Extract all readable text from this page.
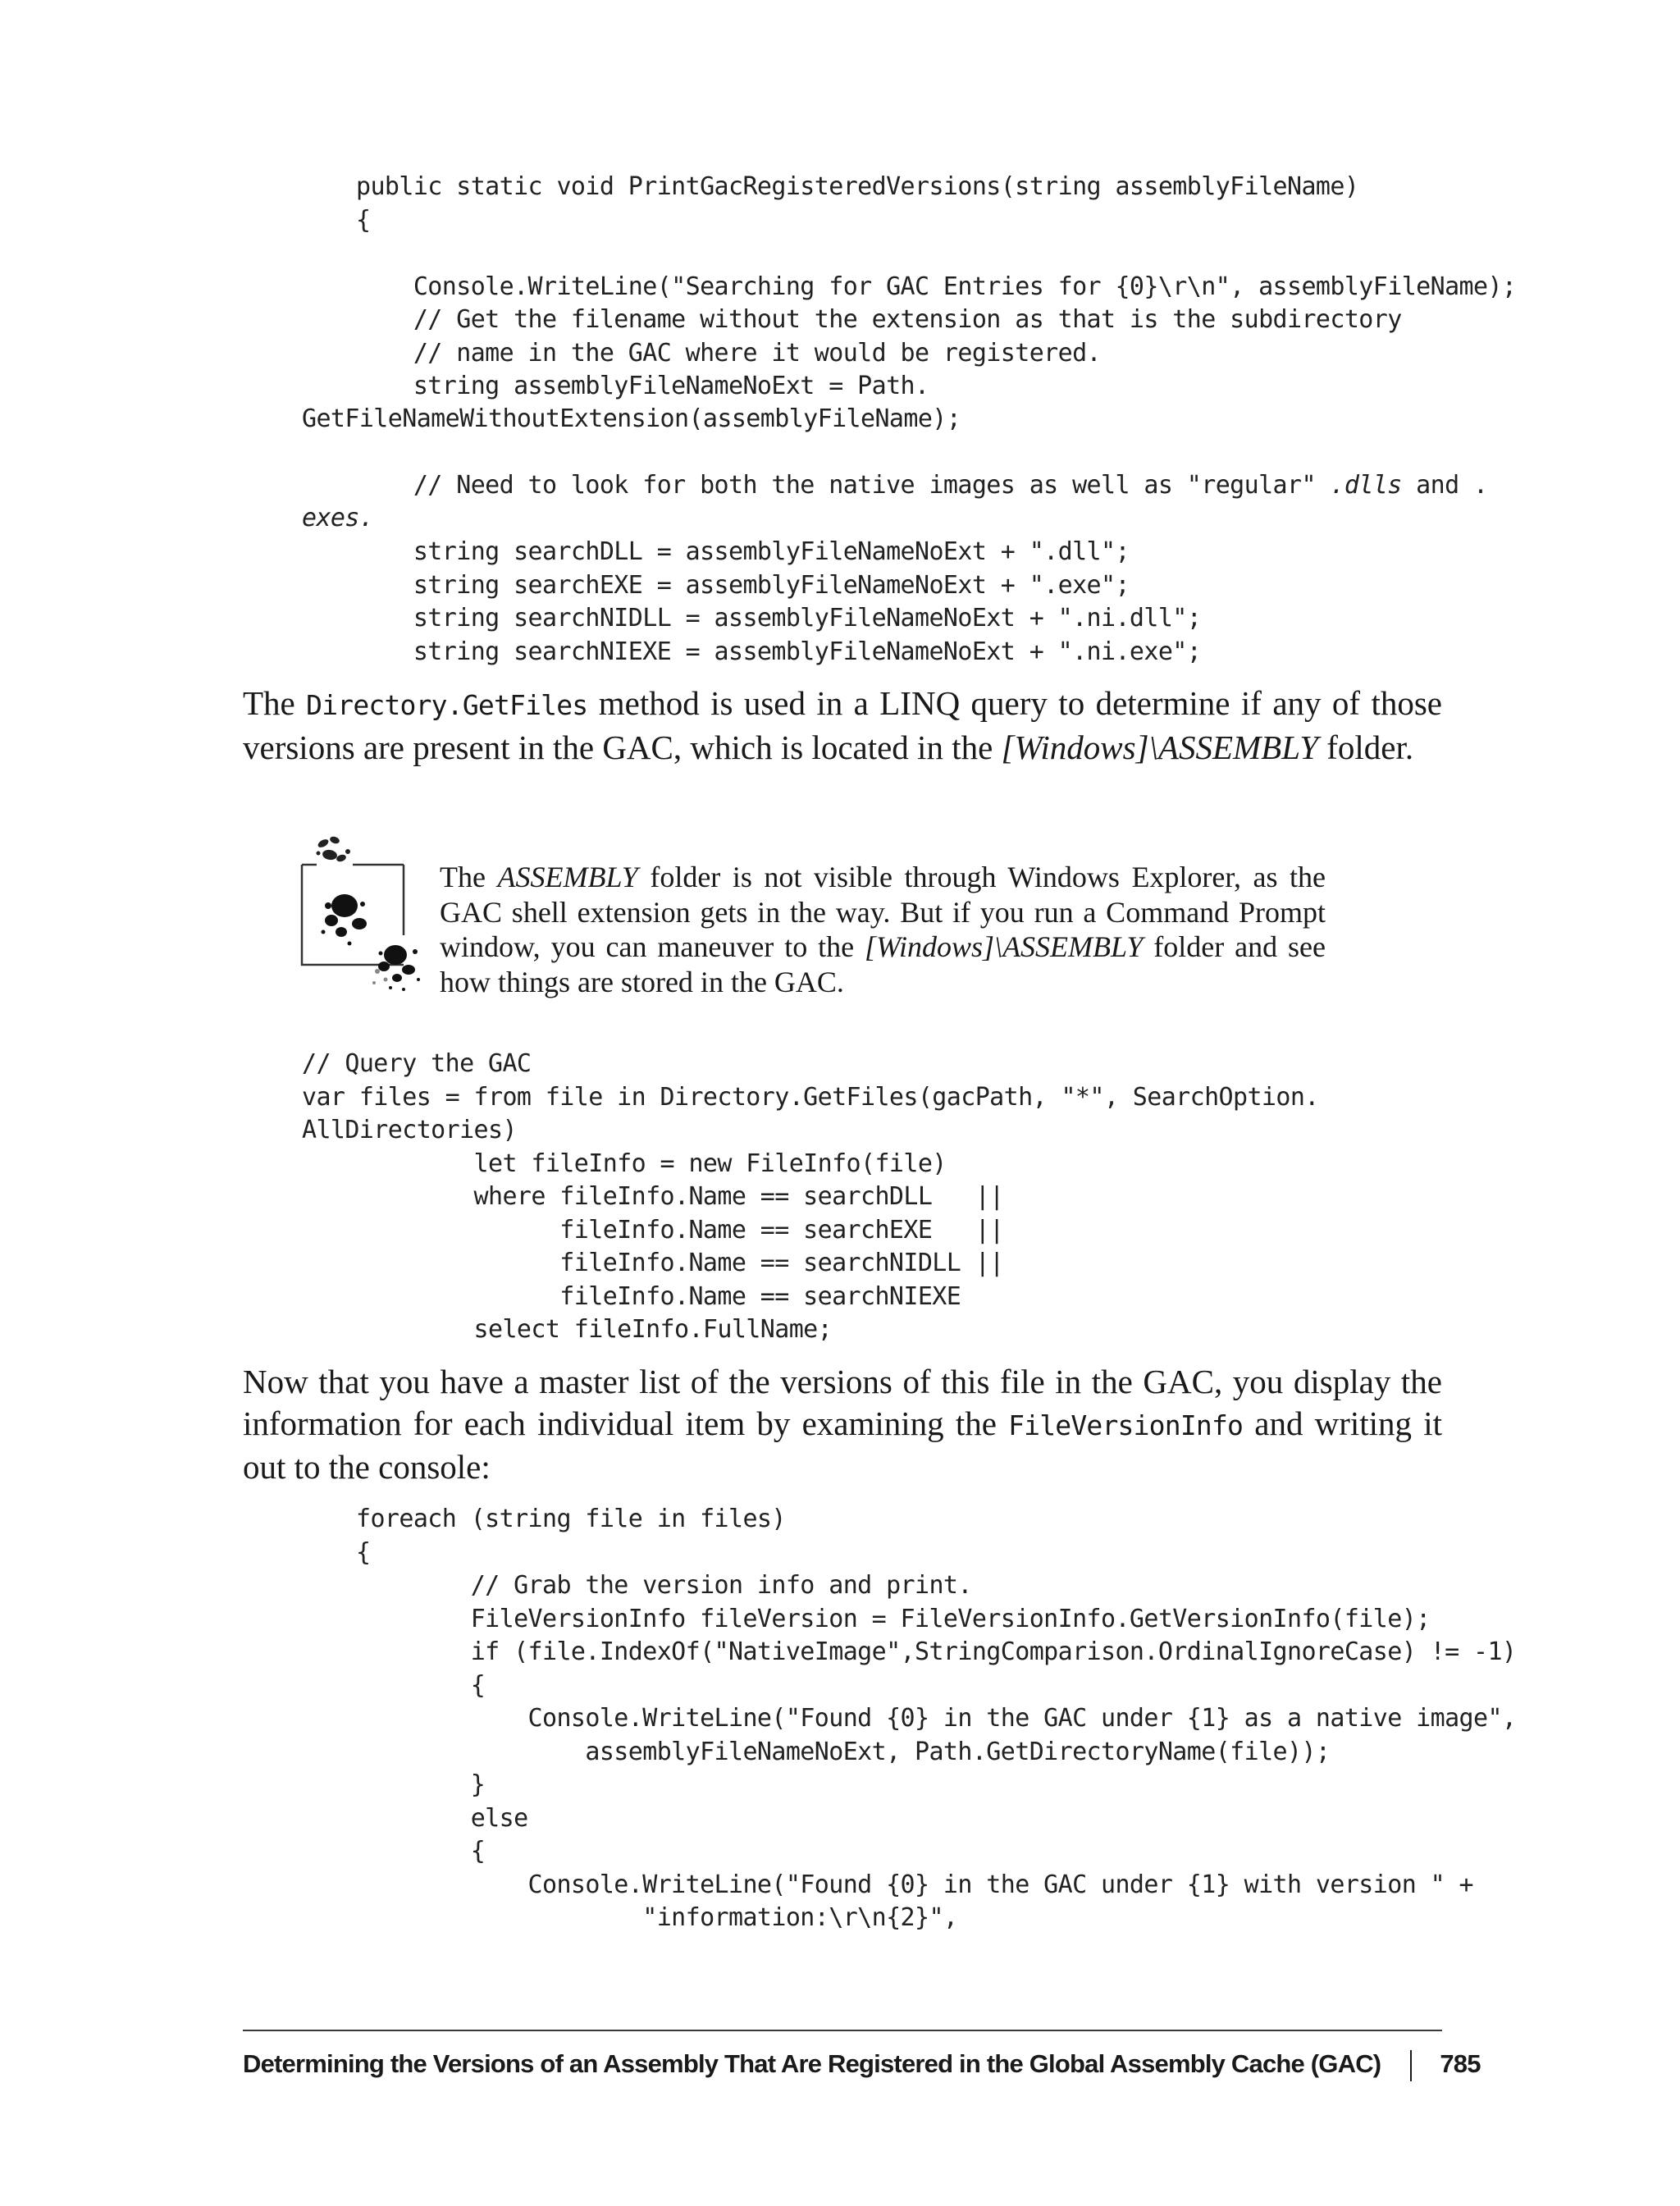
public static void PrintGacRegisteredVersions(string assemblyFileName)
{
Console.WriteLine("Searching for GAC Entries for {0}\r\n", assemblyFileName);
// Get the filename without the extension as that is the subdirectory
// name in the GAC where it would be registered.
string assemblyFileNameNoExt = Path.
GetFileNameWithoutExtension(assemblyFileName);
// Need to look for both the native images as well as "regular" .dlls and .
exes.
string searchDLL = assemblyFileNameNoExt + ".dll";
string searchEXE = assemblyFileNameNoExt + ".exe";
string searchNIDLL = assemblyFileNameNoExt + ".ni.dll";
string searchNIEXE = assemblyFileNameNoExt + ".ni.exe";

The Directory.GetFiles method is used in a LINQ query to determine if any of those versions are present in the GAC, which is located in the [Windows]\ASSEMBLY folder.

The ASSEMBLY folder is not visible through Windows Explorer, as the GAC shell extension gets in the way. But if you run a Command Prompt window, you can maneuver to the [Windows]\ASSEMBLY folder and see how things are stored in the GAC.

// Query the GAC
var files = from file in Directory.GetFiles(gacPath, "*", SearchOption.
AllDirectories)
let fileInfo = new FileInfo(file)
where fileInfo.Name == searchDLL   ||
fileInfo.Name == searchEXE   ||
fileInfo.Name == searchNIDLL ||
fileInfo.Name == searchNIEXE
select fileInfo.FullName;

Now that you have a master list of the versions of this file in the GAC, you display the information for each individual item by examining the FileVersionInfo and writing it out to the console:

foreach (string file in files)
{
// Grab the version info and print.
FileVersionInfo fileVersion = FileVersionInfo.GetVersionInfo(file);
if (file.IndexOf("NativeImage",StringComparison.OrdinalIgnoreCase) != -1)
{
Console.WriteLine("Found {0} in the GAC under {1} as a native image",
assemblyFileNameNoExt, Path.GetDirectoryName(file));
}
else
{
Console.WriteLine("Found {0} in the GAC under {1} with version " +
"information:\r\n{2}",
Determining the Versions of an Assembly That Are Registered in the Global Assembly Cache (GAC) 785
